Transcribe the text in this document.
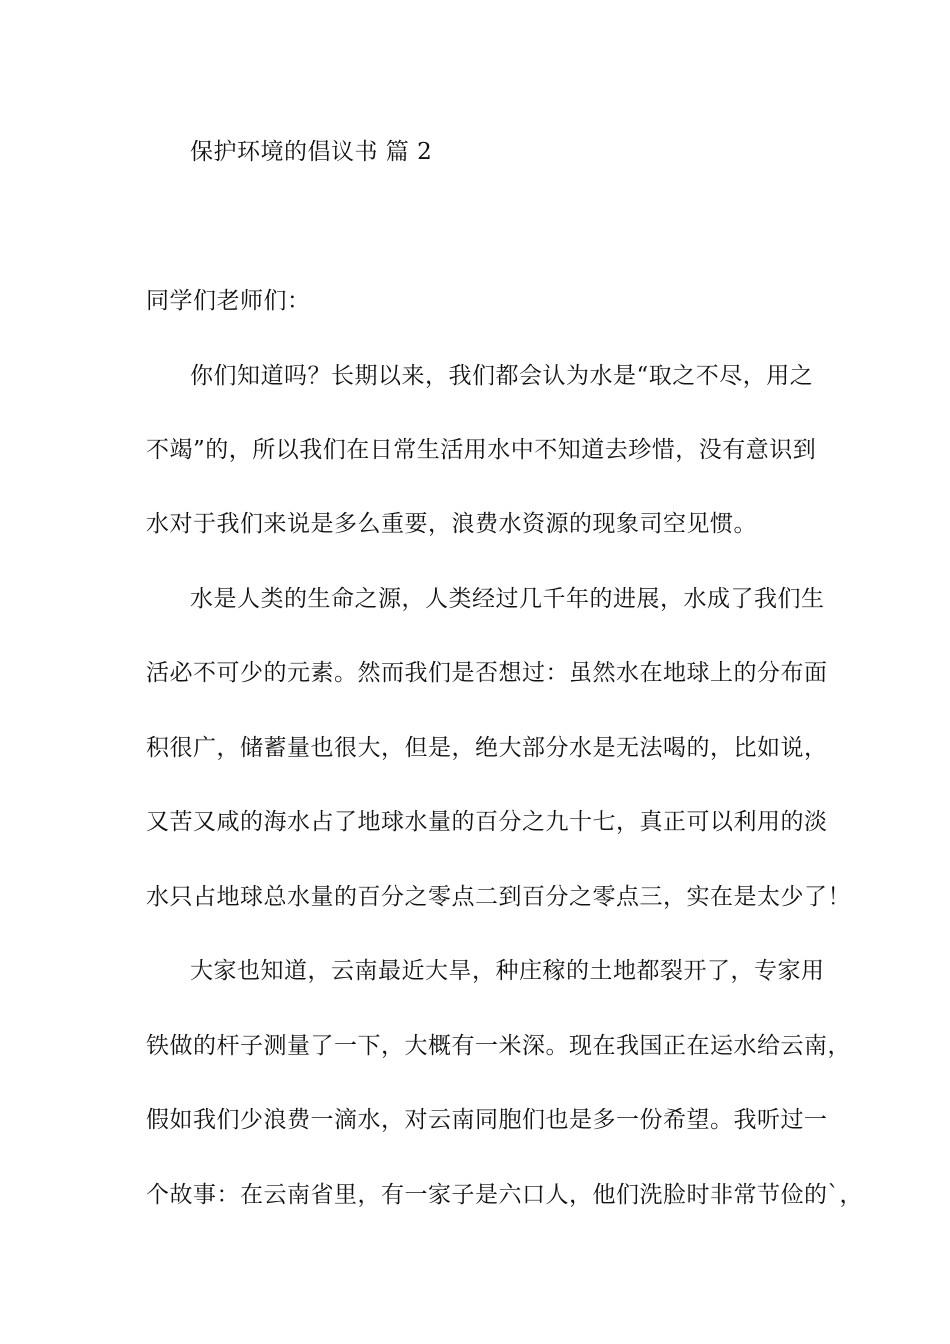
保护环境的倡议书 篇 2
同学们老师们：
你们知道吗？长期以来，我们都会认为水是“取之不尽，用之
不竭”的，所以我们在日常生活用水中不知道去珍惜，没有意识到
水对于我们来说是多么重要，浪费水资源的现象司空见惯。
水是人类的生命之源，人类经过几千年的进展，水成了我们生
活必不可少的元素。然而我们是否想过：虽然水在地球上的分布面
积很广，储蓄量也很大，但是，绝大部分水是无法喝的，比如说，
又苦又咸的海水占了地球水量的百分之九十七，真正可以利用的淡
水只占地球总水量的百分之零点二到百分之零点三，实在是太少了！
大家也知道，云南最近大旱，种庄稼的土地都裂开了，专家用
铁做的杆子测量了一下，大概有一米深。现在我国正在运水给云南，
假如我们少浪费一滴水，对云南同胞们也是多一份希望。我听过一
个故事：在云南省里，有一家子是六口人，他们洗脸时非常节俭的`，
